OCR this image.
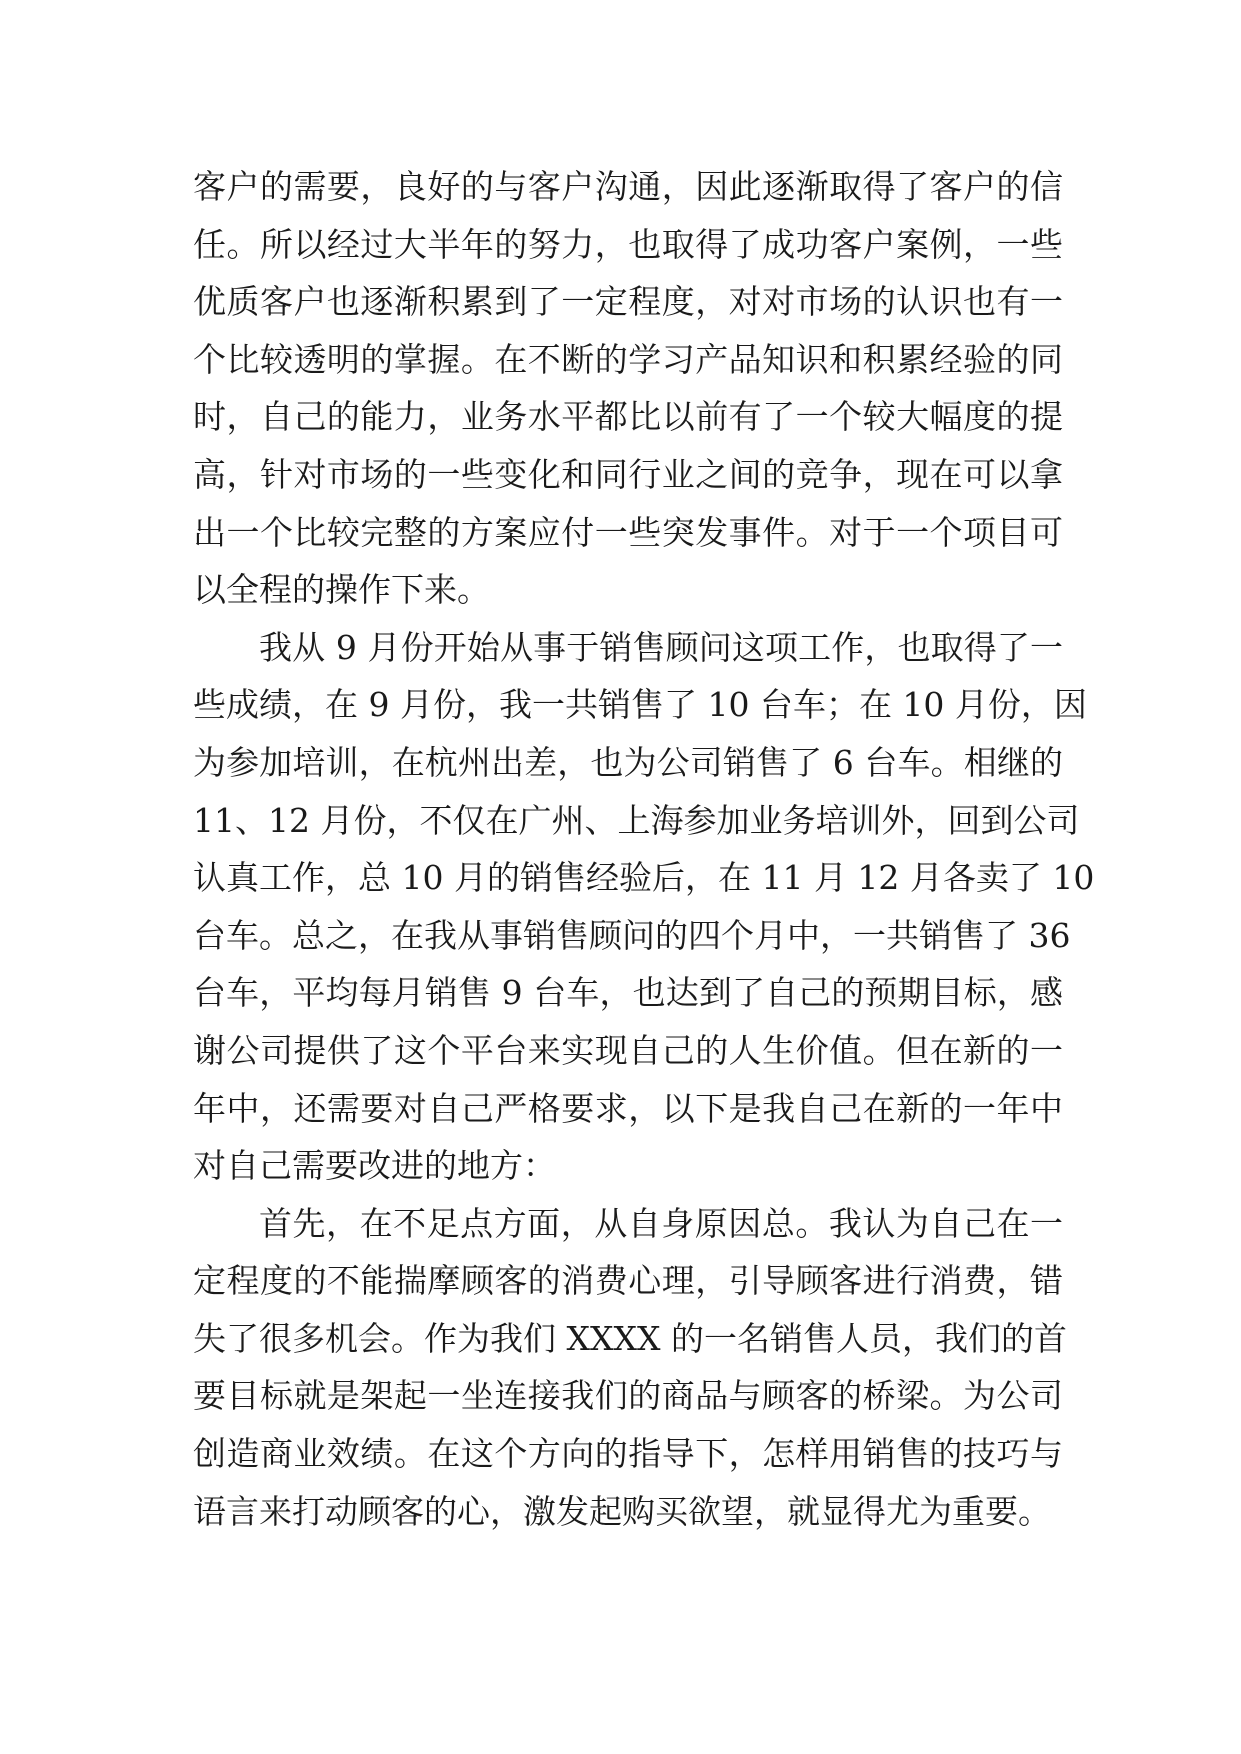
客户的需要，良好的与客户沟通，因此逐渐取得了客户的信
任。所以经过大半年的努力，也取得了成功客户案例，一些
优质客户也逐渐积累到了一定程度，对对市场的认识也有一
个比较透明的掌握。在不断的学习产品知识和积累经验的同
时，自己的能力，业务水平都比以前有了一个较大幅度的提
高，针对市场的一些变化和同行业之间的竞争，现在可以拿
出一个比较完整的方案应付一些突发事件。对于一个项目可
以全程的操作下来。
我从 9 月份开始从事于销售顾问这项工作，也取得了一
些成绩，在 9 月份，我一共销售了 10 台车；在 10 月份，因
为参加培训，在杭州出差，也为公司销售了 6 台车。相继的
11、12 月份，不仅在广州、上海参加业务培训外，回到公司
认真工作，总 10 月的销售经验后，在 11 月 12 月各卖了 10
台车。总之，在我从事销售顾问的四个月中，一共销售了 36
台车，平均每月销售 9 台车，也达到了自己的预期目标，感
谢公司提供了这个平台来实现自己的人生价值。但在新的一
年中，还需要对自己严格要求，以下是我自己在新的一年中
对自己需要改进的地方：
首先，在不足点方面，从自身原因总。我认为自己在一
定程度的不能揣摩顾客的消费心理，引导顾客进行消费，错
失了很多机会。作为我们 XXXX 的一名销售人员，我们的首
要目标就是架起一坐连接我们的商品与顾客的桥梁。为公司
创造商业效绩。在这个方向的指导下，怎样用销售的技巧与
语言来打动顾客的心，激发起购买欲望，就显得尤为重要。
